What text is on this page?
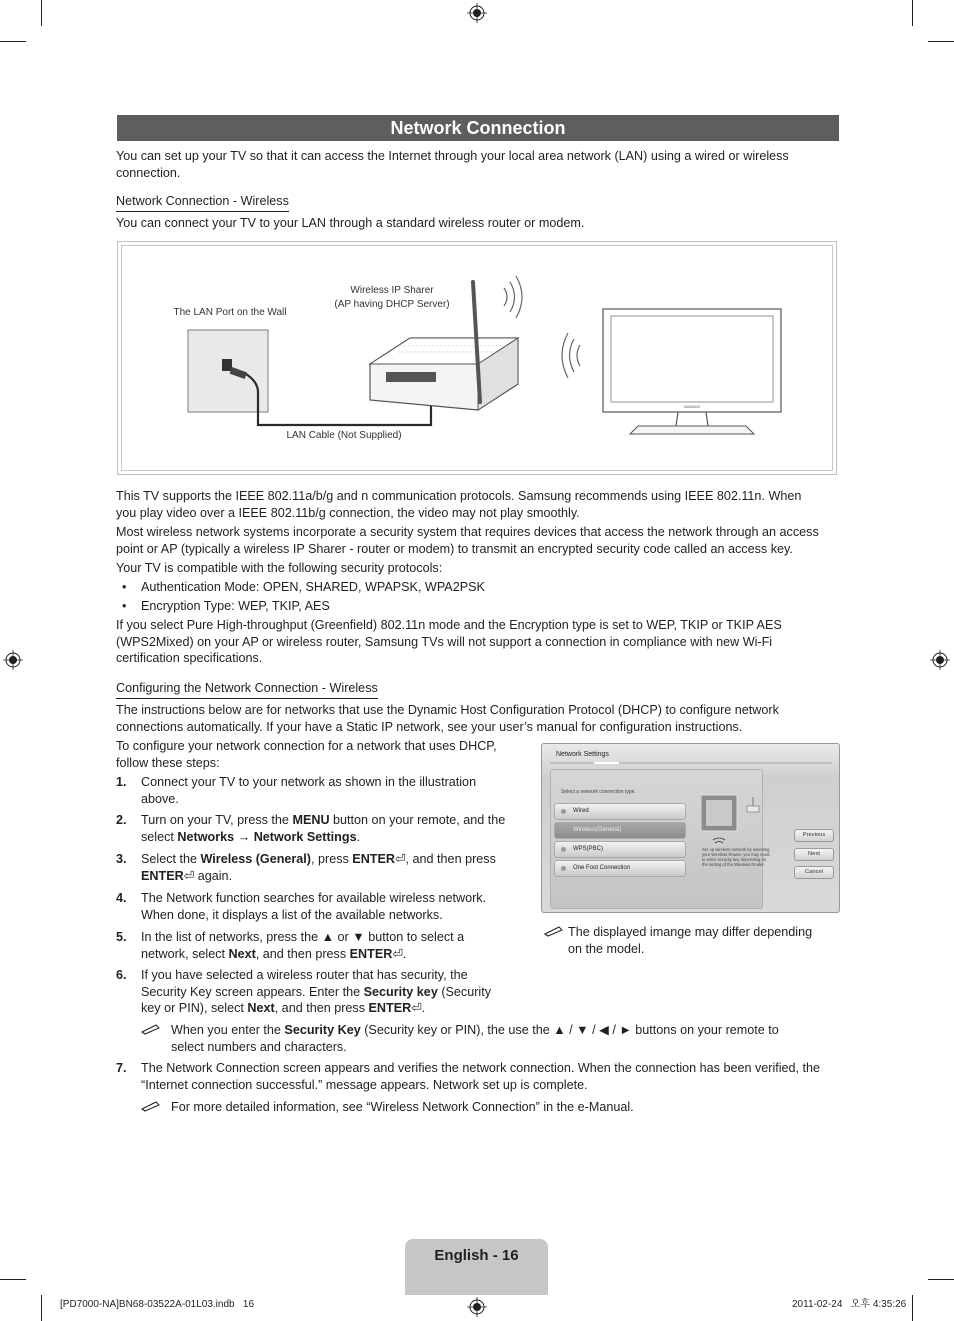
Network Connection

You can set up your TV so that it can access the Internet through your local area network (LAN) using a wired or wireless connection.

Network Connection - Wireless

You can connect your TV to your LAN through a standard wireless router or modem.

The LAN Port on the Wall
Wireless IP Sharer
(AP having DHCP Server)
LAN Cable (Not Supplied)
SAMSUNG
This TV supports the IEEE 802.11a/b/g and n communication protocols. Samsung recommends using IEEE 802.11n. When
you play video over a IEEE 802.11b/g connection, the video may not play smoothly.
Most wireless network systems incorporate a security system that requires devices that access the network through an access
point or AP (typically a wireless IP Sharer - router or modem) to transmit an encrypted security code called an access key.
Your TV is compatible with the following security protocols:
• Authentication Mode: OPEN, SHARED, WPAPSK, WPA2PSK
• Encryption Type: WEP, TKIP, AES
If you select Pure High-throughput (Greenfield) 802.11n mode and the Encryption type is set to WEP, TKIP or TKIP AES
(WPS2Mixed) on your AP or wireless router, Samsung TVs will not support a connection in compliance with new Wi-Fi
certification specifications.
Configuring the Network Connection - Wireless
The instructions below are for networks that use the Dynamic Host Configuration Protocol (DHCP) to configure network
connections automatically. If your have a Static IP network, see your user’s manual for configuration instructions.
To configure your network connection for a network that uses DHCP,
follow these steps:
1. Connect your TV to your network as shown in the illustration
above.
2. Turn on your TV, press the MENU button on your remote, and the
select Networks → Network Settings.
3. Select the Wireless (General), press ENTER⏎, and then press
ENTER⏎ again.
4. The Network function searches for available wireless network.
When done, it displays a list of the available networks.
5. In the list of networks, press the ▲ or ▼ button to select a
network, select Next, and then press ENTER⏎.
6. If you have selected a wireless router that has security, the
Security Key screen appears. Enter the Security key (Security
key or PIN), select Next, and then press ENTER⏎.
When you enter the Security Key (Security key or PIN), the use the ▲ / ▼ / ◀ / ► buttons on your remote to
select numbers and characters.
7. The Network Connection screen appears and verifies the network connection. When the connection has been verified, the
“Internet connection successful.” message appears. Network set up is complete.
For more detailed information, see “Wireless Network Connection” in the e-Manual.
Network Settings
Select a network connection type.
Wired
Wireless(General)
WPS(PBC)
One Foot Connection
Set up wireless network by selecting your Wireless Router. you may need to enter security key depending on the setting of the Wireless Router.
Previous
Next
Cancel
The displayed imange may differ depending
on the model.
English - 16
[PD7000-NA]BN68-03522A-01L03.indb   16	2011-02-24   오후 4:35:26
